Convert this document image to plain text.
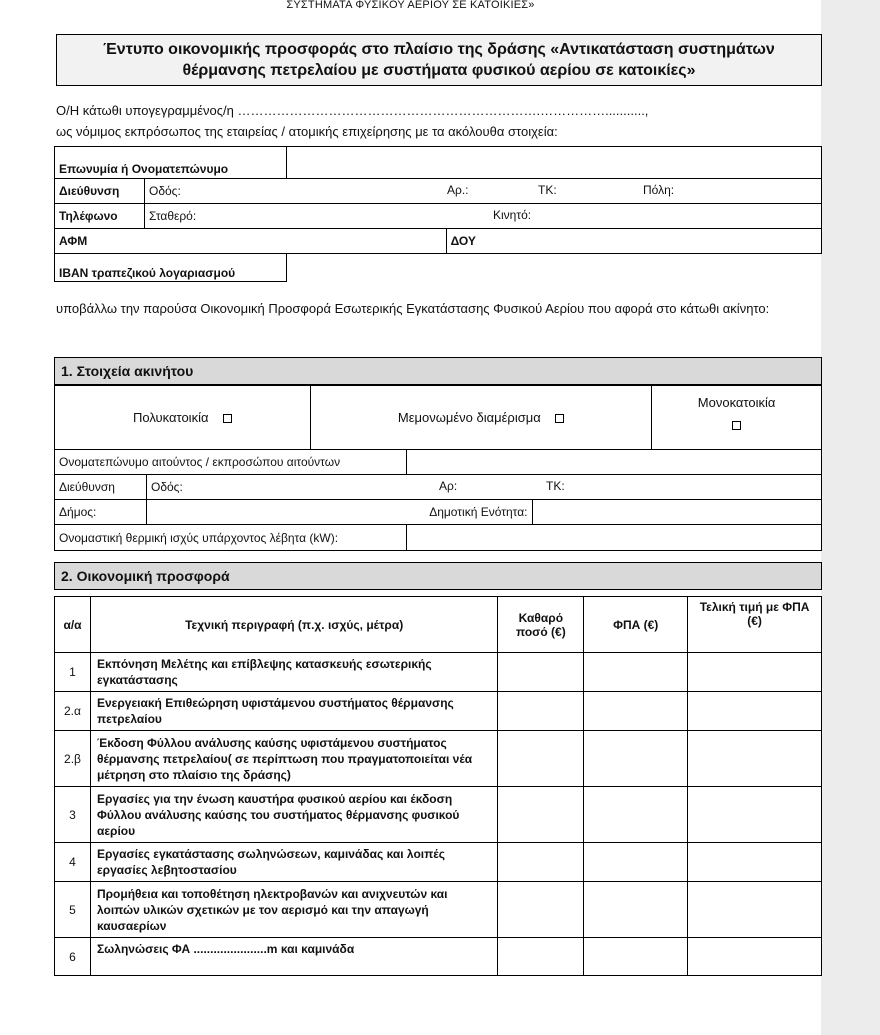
ΣΥΣΤΗΜΑΤΑ ΦΥΣΙΚΟΥ ΑΕΡΙΟΥ ΣΕ ΚΑΤΟΙΚΙΕΣ»
Έντυπο οικονομικής προσφοράς στο πλαίσιο της δράσης «Αντικατάσταση συστημάτων
θέρμανσης πετρελαίου με συστήματα φυσικού αερίου σε κατοικίες»
Ο/Η κάτωθι υπογεγραμμένος/η …………………………………………………………….……………...........,
ως νόμιμος εκπρόσωπος της εταιρείας / ατομικής επιχείρησης με τα ακόλουθα στοιχεία:
Επωνυμία ή Ονοματεπώνυμο			
Διεύθυνση	Οδός: Αρ.: ΤΚ: Πόλη:		

Τηλέφωνο	Σταθερό: Κινητό:		

ΑΦΜ			ΔΟΥ
IBAN τραπεζικού λογαριασμού			
υποβάλλω την παρούσα Οικονομική Προσφορά Εσωτερικής Εγκατάστασης Φυσικού Αερίου που αφορά στο κάτωθι ακίνητο:
1. Στοιχεία ακινήτου
Πολυκατοικία		Μεμονωμένο διαμέρισμα			Μονοκατοικία

Ονοματεπώνυμο αιτούντος / εκπροσώπου αιτούντων					
Διεύθυνση	Οδός: Αρ: ΤΚ:				

Δήμος:	Δημοτική Ενότητα:				
Ονομαστική θερμική ισχύς υπάρχοντος λέβητα (kW):					
2. Οικονομική προσφορά
α/α	Τεχνική περιγραφή (π.χ. ισχύς, μέτρα)	Καθαρό ποσό (€)	ΦΠΑ (€)	Τελική τιμή με ΦΠΑ (€)
1	Εκπόνηση Μελέτης και επίβλεψης κατασκευής εσωτερικής εγκατάστασης			
2.α	Ενεργειακή Επιθεώρηση υφιστάμενου συστήματος θέρμανσης πετρελαίου			
2.β	Έκδοση Φύλλου ανάλυσης καύσης υφιστάμενου συστήματος θέρμανσης πετρελαίου( σε περίπτωση που πραγματοποιείται νέα μέτρηση στο πλαίσιο της δράσης)			
3	Εργασίες για την ένωση καυστήρα φυσικού αερίου και έκδοση Φύλλου ανάλυσης καύσης του συστήματος θέρμανσης φυσικού αερίου			
4	Εργασίες εγκατάστασης σωληνώσεων, καμινάδας και λοιπές εργασίες λεβητοστασίου			
5	Προμήθεια και τοποθέτηση ηλεκτροβανών και ανιχνευτών και λοιπών υλικών σχετικών με τον αερισμό και την απαγωγή καυσαερίων			
6	Σωληνώσεις ΦΑ ......................m και καμινάδα			
